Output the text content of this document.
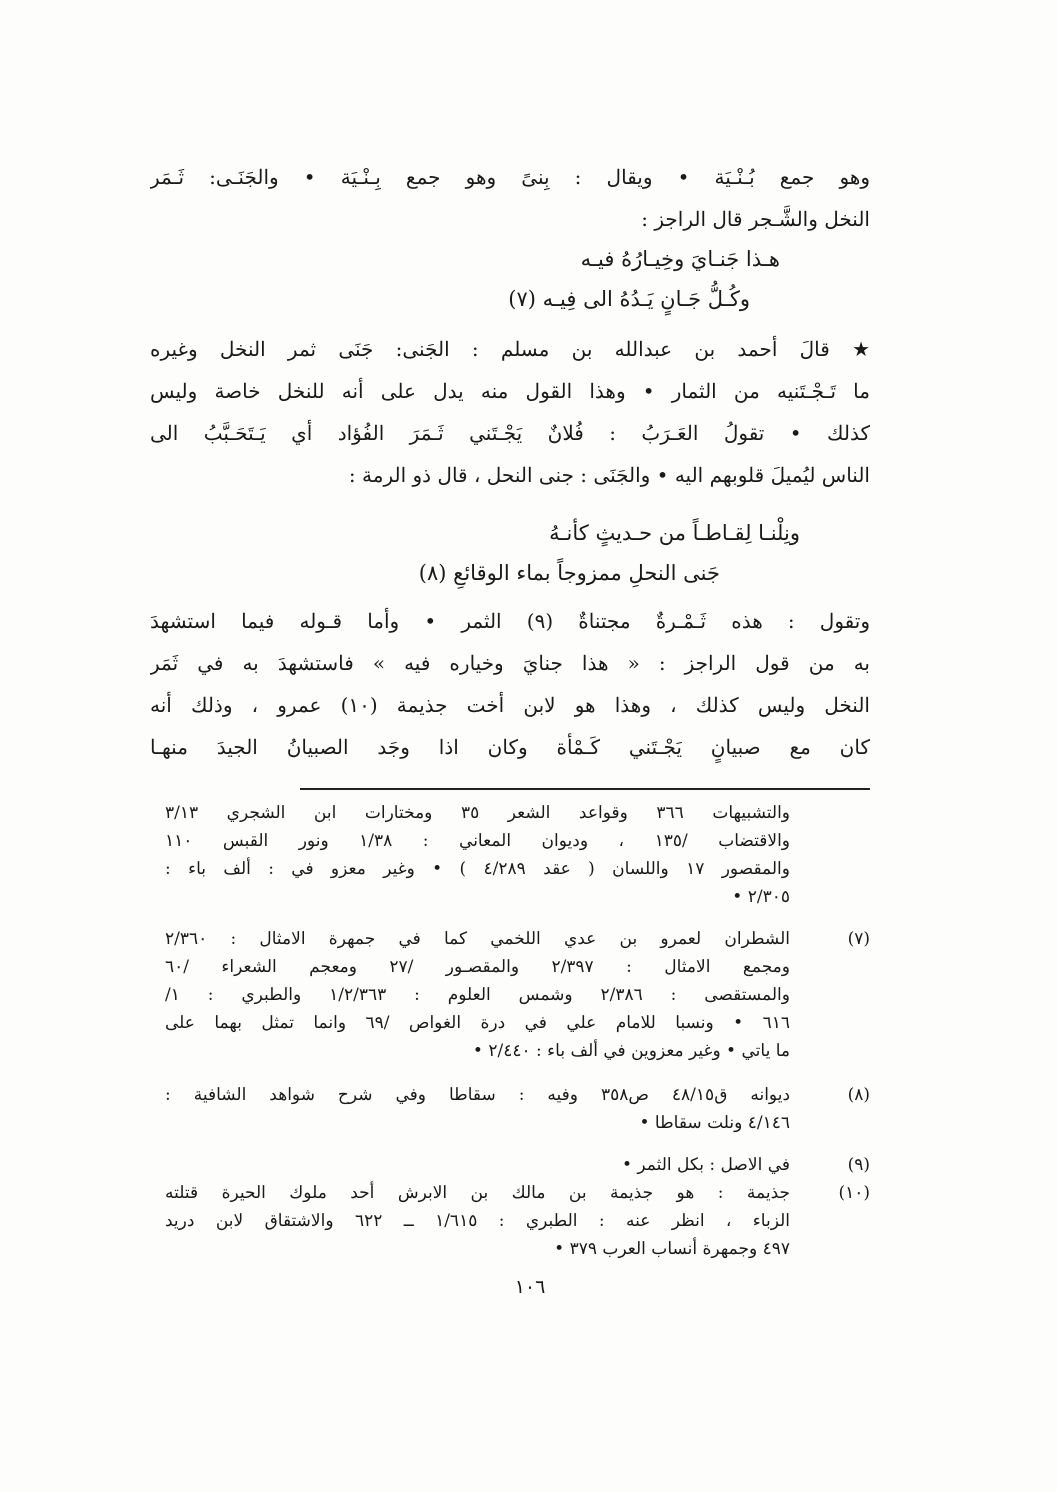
وهو جمع بُـنْـيَة • ويقال : بِنىً وهو جمع بِـنْـيَة • والجَنَـى: ثَـمَر
النخل والشَّـجر قال الراجز :
هـذا جَنـايَ وخِيـارُهُ فيـه
وكُـلُّ جَـانٍ يَـدُهُ الى فِيـه (٧)
★ قالَ أحمد بن عبدالله بن مسلم : الجَنى: جَنَى ثمر النخل وغيره
ما تَـجْـتَنيه من الثمار • وهذا القول منه يدل على أنه للنخل خاصة وليس
كذلك • تقولُ العَـرَبُ : فُلانٌ يَجْـتَني ثَـمَرَ الفُؤاد أي يَـتَحَـبَّبُ الى
الناس ليُميلَ قلوبهم اليه • والجَنَى : جنى النحل ، قال ذو الرمة :
ونِلْنـا لِقـاطـاً من حـديثٍ كأنـهُ
جَنى النحلِ ممزوجاً بماء الوقائعِ (٨)
وتقول : هذه ثَـمْـرةٌ مجتناةٌ (٩) الثمر • وأما قـوله فيما استشهدَ
به من قول الراجز : « هذا جنايَ وخياره فيه » فاستشهدَ به في ثَمَر
النخل وليس كذلك ، وهذا هو لابن أخت جذيمة (١٠) عمرو ، وذلك أنه
كان مع صبيانٍ يَجْـتَني كَـمْأة وكان اذا وجَد الصبيانُ الجيدَ منهـا
والتشبيهات ٣٦٦ وقواعد الشعر ٣٥ ومختارات ابن الشجري ٣/١٣
والاقتضاب /١٣٥ ، وديوان المعاني : ١/٣٨ ونور القبس ١١٠
والمقصور ١٧ واللسان ( عقد ٤/٢٨٩ ) • وغير معزو في : ألف باء :
٢/٣٠٥ •
(٧)
الشطران لعمرو بن عدي اللخمي كما في جمهرة الامثال : ٢/٣٦٠
ومجمع الامثال : ٢/٣٩٧ والمقصـور /٢٧ ومعجم الشعراء /٦٠
والمستقصى : ٢/٣٨٦ وشمس العلوم : ١/٢/٣٦٣ والطبري : ١/
٦١٦ • ونسبا للامام علي في درة الغواص /٦٩ وانما تمثل بهما على
ما ياتي • وغير معزوين في ألف باء : ٢/٤٤٠ •
(٨)
ديوانه ق٤٨/١٥ ص٣٥٨ وفيه : سقاطا وفي شرح شواهد الشافية :
٤/١٤٦ ونلت سقاطا •
(٩)
في الاصل : بكل الثمر •
(١٠)
جذيمة : هو جذيمة بن مالك بن الابرش أحد ملوك الحيرة قتلته
الزباء ، انظر عنه : الطبري : ١/٦١٥ ــ ٦٢٢ والاشتقاق لابن دريد
٤٩٧ وجمهرة أنساب العرب ٣٧٩ •
١٠٦
